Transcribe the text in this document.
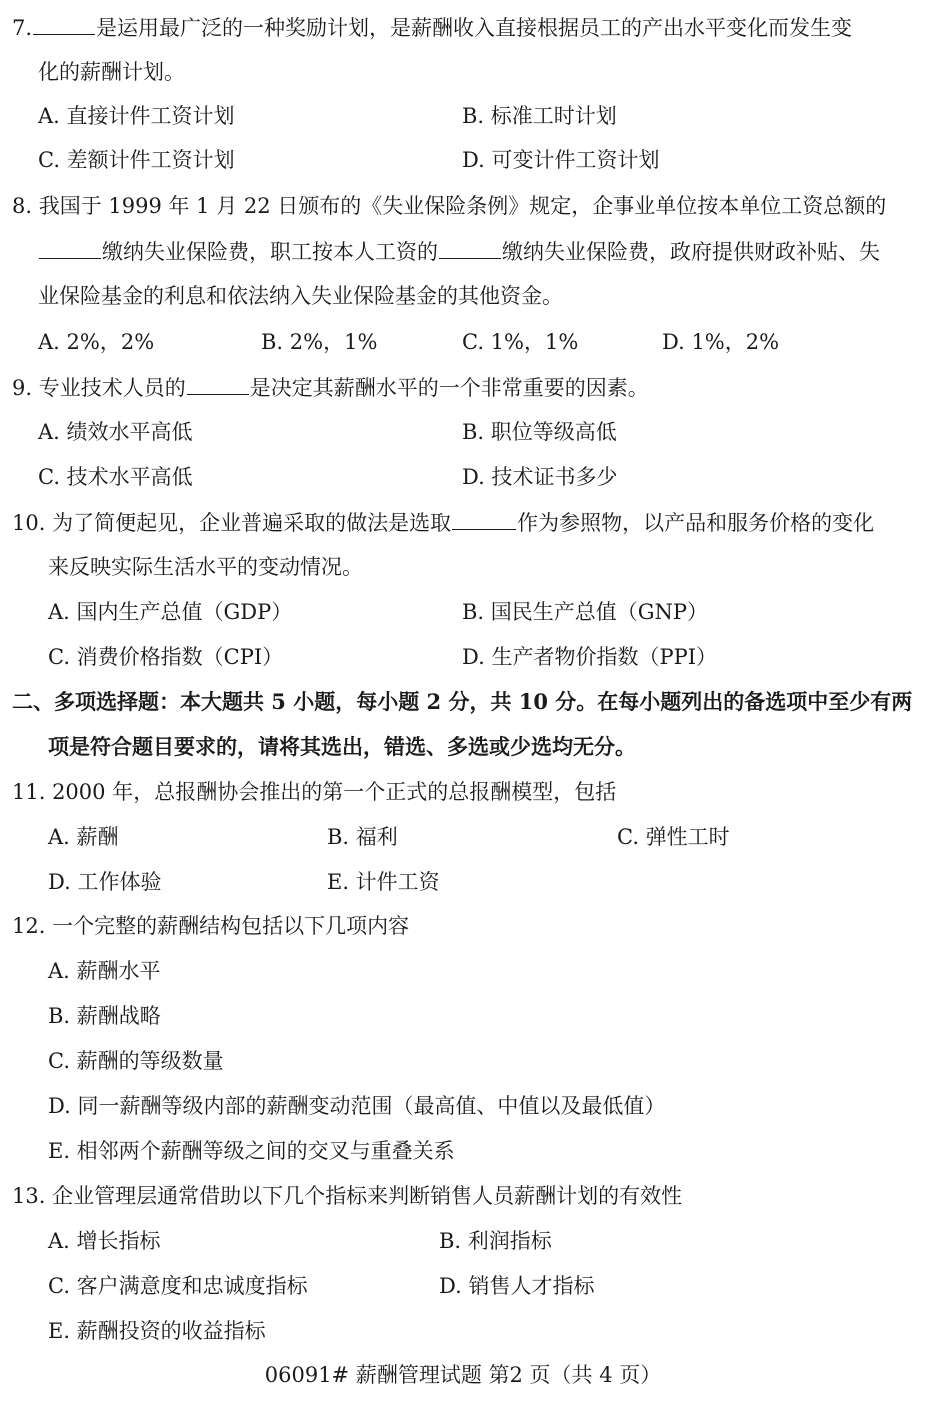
7.	是运用最广泛的一种奖励计划，是薪酬收入直接根据员工的产出水平变化而发生变
化的薪酬计划。
A. 直接计件工资计划	B. 标准工时计划
C. 差额计件工资计划	D. 可变计件工资计划
8. 我国于 1999 年 1 月 22 日颁布的《失业保险条例》规定，企事业单位按本单位工资总额的
缴纳失业保险费，职工按本人工资的	缴纳失业保险费，政府提供财政补贴、失
业保险基金的利息和依法纳入失业保险基金的其他资金。
A. 2%，2%	B. 2%，1%	C. 1%，1%	D. 1%，2%
9. 专业技术人员的	是决定其薪酬水平的一个非常重要的因素。
A. 绩效水平高低	B. 职位等级高低
C. 技术水平高低	D. 技术证书多少
10. 为了简便起见，企业普遍采取的做法是选取	作为参照物，以产品和服务价格的变化
来反映实际生活水平的变动情况。
A. 国内生产总值（GDP）	B. 国民生产总值（GNP）
C. 消费价格指数（CPI）	D. 生产者物价指数（PPI）
二、多项选择题：本大题共 5 小题，每小题 2 分，共 10 分。在每小题列出的备选项中至少有两
项是符合题目要求的，请将其选出，错选、多选或少选均无分。
11. 2000 年，总报酬协会推出的第一个正式的总报酬模型，包括
A. 薪酬	B. 福利	C. 弹性工时
D. 工作体验	E. 计件工资
12. 一个完整的薪酬结构包括以下几项内容
A. 薪酬水平
B. 薪酬战略
C. 薪酬的等级数量
D. 同一薪酬等级内部的薪酬变动范围（最高值、中值以及最低值）
E. 相邻两个薪酬等级之间的交叉与重叠关系
13. 企业管理层通常借助以下几个指标来判断销售人员薪酬计划的有效性
A. 增长指标	B. 利润指标
C. 客户满意度和忠诚度指标	D. 销售人才指标
E. 薪酬投资的收益指标
06091# 薪酬管理试题 第2 页（共 4 页）
